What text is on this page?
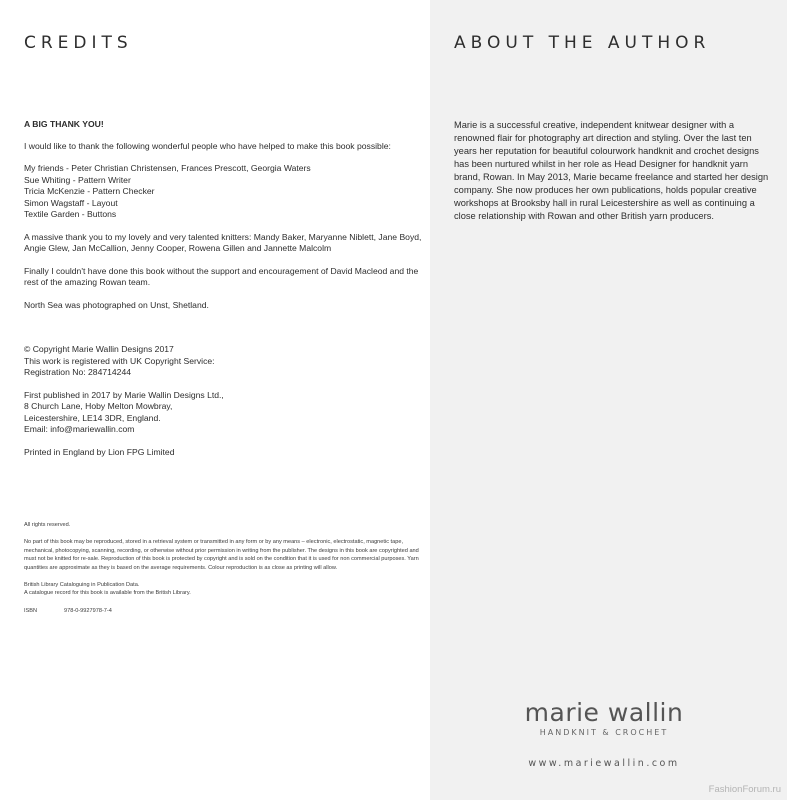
CREDITS

A BIG THANK YOU!

I would like to thank the following wonderful people who have helped to make this book possible:

My friends - Peter Christian Christensen, Frances Prescott, Georgia Waters
Sue Whiting - Pattern Writer
Tricia McKenzie - Pattern Checker
Simon Wagstaff - Layout
Textile Garden - Buttons

A massive thank you to my lovely and very talented knitters: Mandy Baker, Maryanne Niblett, Jane Boyd, Angie Glew, Jan McCallion, Jenny Cooper, Rowena Gillen and Jannette Malcolm

Finally I couldn't have done this book without the support and encouragement of David Macleod and the rest of the amazing Rowan team.

North Sea was photographed on Unst, Shetland.

© Copyright Marie Wallin Designs 2017
This work is registered with UK Copyright Service:
Registration No: 284714244
First published in 2017 by Marie Wallin Designs Ltd.,
8 Church Lane, Hoby Melton Mowbray,
Leicestershire, LE14 3DR, England.
Email: info@mariewallin.com

Printed in England by Lion FPG Limited

All rights reserved.

No part of this book may be reproduced, stored in a retrieval system or transmitted in any form or by any means – electronic, electrostatic, magnetic tape, mechanical, photocopying, scanning, recording, or otherwise without prior permission in writing from the publisher. The designs in this book are copyrighted and must not be knitted for re-sale. Reproduction of this book is protected by copyright and is sold on the condition that it is used for non commercial purposes. Yarn quantities are approximate as they is based on the average requirements. Colour reproduction is as close as printing will allow.

British Library Cataloguing in Publication Data.
A catalogue record for this book is available from the British Library.
ISBN	978-0-9927978-7-4
ABOUT THE AUTHOR

Marie is a successful creative, independent knitwear designer with a renowned flair for photography art direction and styling. Over the last ten years her reputation for beautiful colourwork handknit and crochet designs has been nurtured whilst in her role as Head Designer for handknit yarn brand, Rowan. In May 2013, Marie became freelance and started her design company. She now produces her own publications, holds popular creative workshops at Brooksby hall in rural Leicestershire as well as continuing a close relationship with Rowan and other British yarn producers.

marie wallin
HANDKNIT & CROCHET
www.mariewallin.com
FashionForum.ru
